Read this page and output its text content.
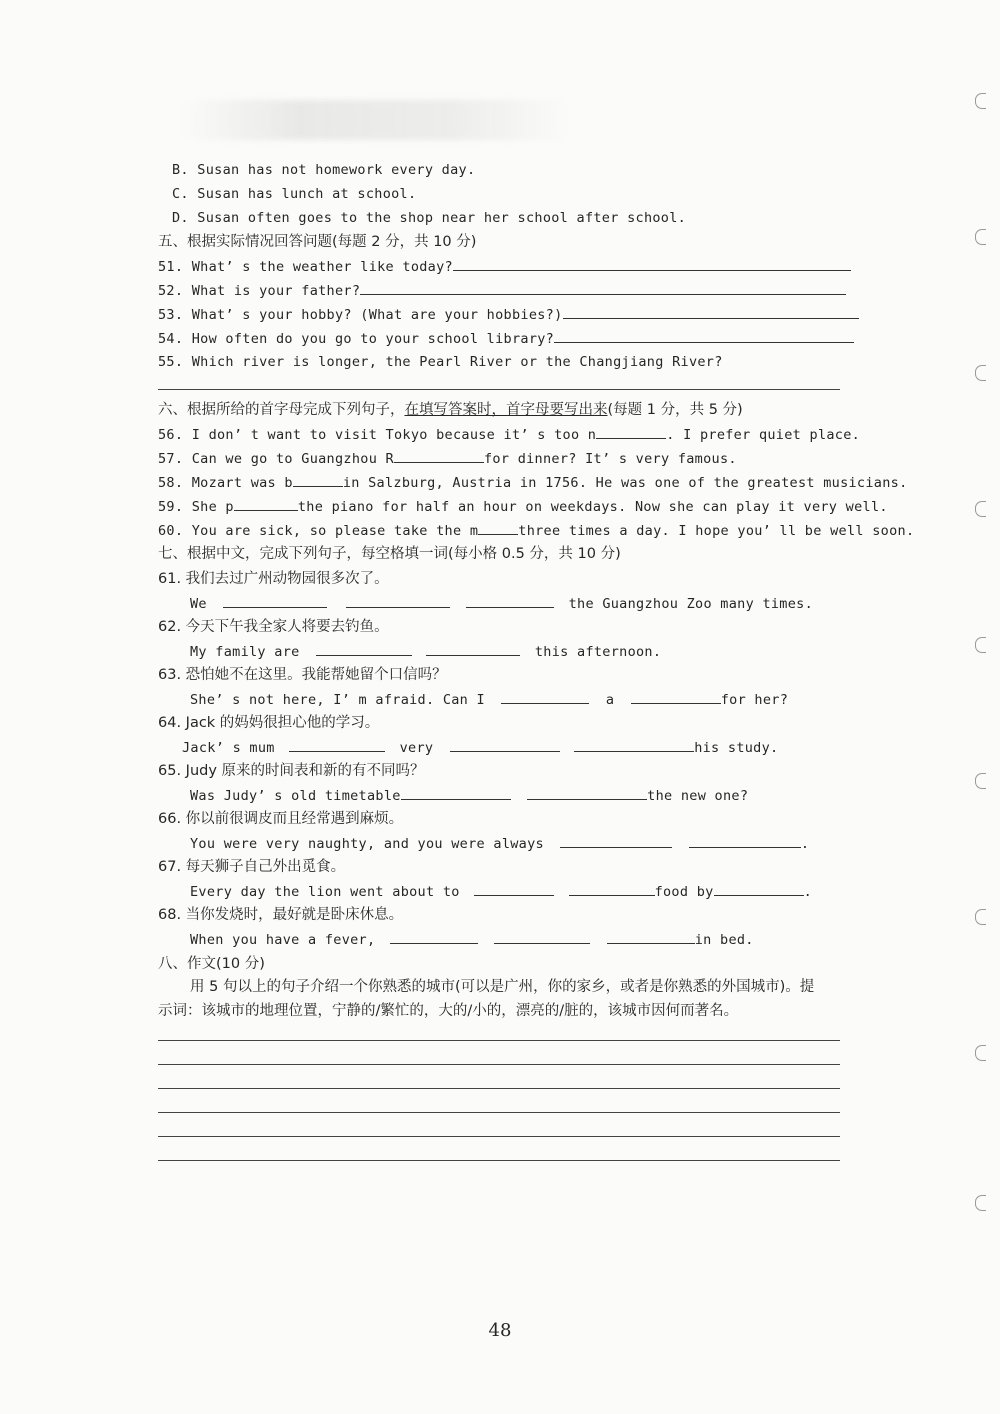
B. Susan has not homework every day.
C. Susan has lunch at school.
D. Susan often goes to the shop near her school after school.
五、根据实际情况回答问题(每题 2 分，共 10 分)
51. What’ s the weather like today?
52. What is your father?
53. What’ s your hobby? (What are your hobbies?)
54. How often do you go to your school library?
55. Which river is longer, the Pearl River or the Changjiang River?
六、根据所给的首字母完成下列句子，在填写答案时，首字母要写出来(每题 1 分，共 5 分)
56. I don’ t want to visit Tokyo because it’ s too n	. I prefer quiet place.
57. Can we go to Guangzhou R	for dinner? It’ s very famous.
58. Mozart was b	in Salzburg, Austria in 1756. He was one of the greatest musicians.
59. She p	the piano for half an hour on weekdays. Now she can play it very well.
60. You are sick, so please take the m	three times a day. I hope you’ ll be well soon.
七、根据中文，完成下列句子，每空格填一词(每小格 0.5 分，共 10 分)
61. 我们去过广州动物园很多次了。
We	the Guangzhou Zoo many times.
62. 今天下午我全家人将要去钓鱼。
My family are	this afternoon.
63. 恐怕她不在这里。我能帮她留个口信吗？
She’ s not here, I’ m afraid. Can I	a	for her?
64. Jack 的妈妈很担心他的学习。
Jack’ s mum	very	his study.
65. Judy 原来的时间表和新的有不同吗？
Was Judy’ s old timetable	the new one?
66. 你以前很调皮而且经常遇到麻烦。
You were very naughty, and you were always	.
67. 每天狮子自己外出觅食。
Every day the lion went about to	food by	.
68. 当你发烧时，最好就是卧床休息。
When you have a fever,	in bed.
八、作文(10 分)
用 5 句以上的句子介绍一个你熟悉的城市(可以是广州，你的家乡，或者是你熟悉的外国城市)。提
示词：该城市的地理位置，宁静的/繁忙的，大的/小的，漂亮的/脏的，该城市因何而著名。
48
